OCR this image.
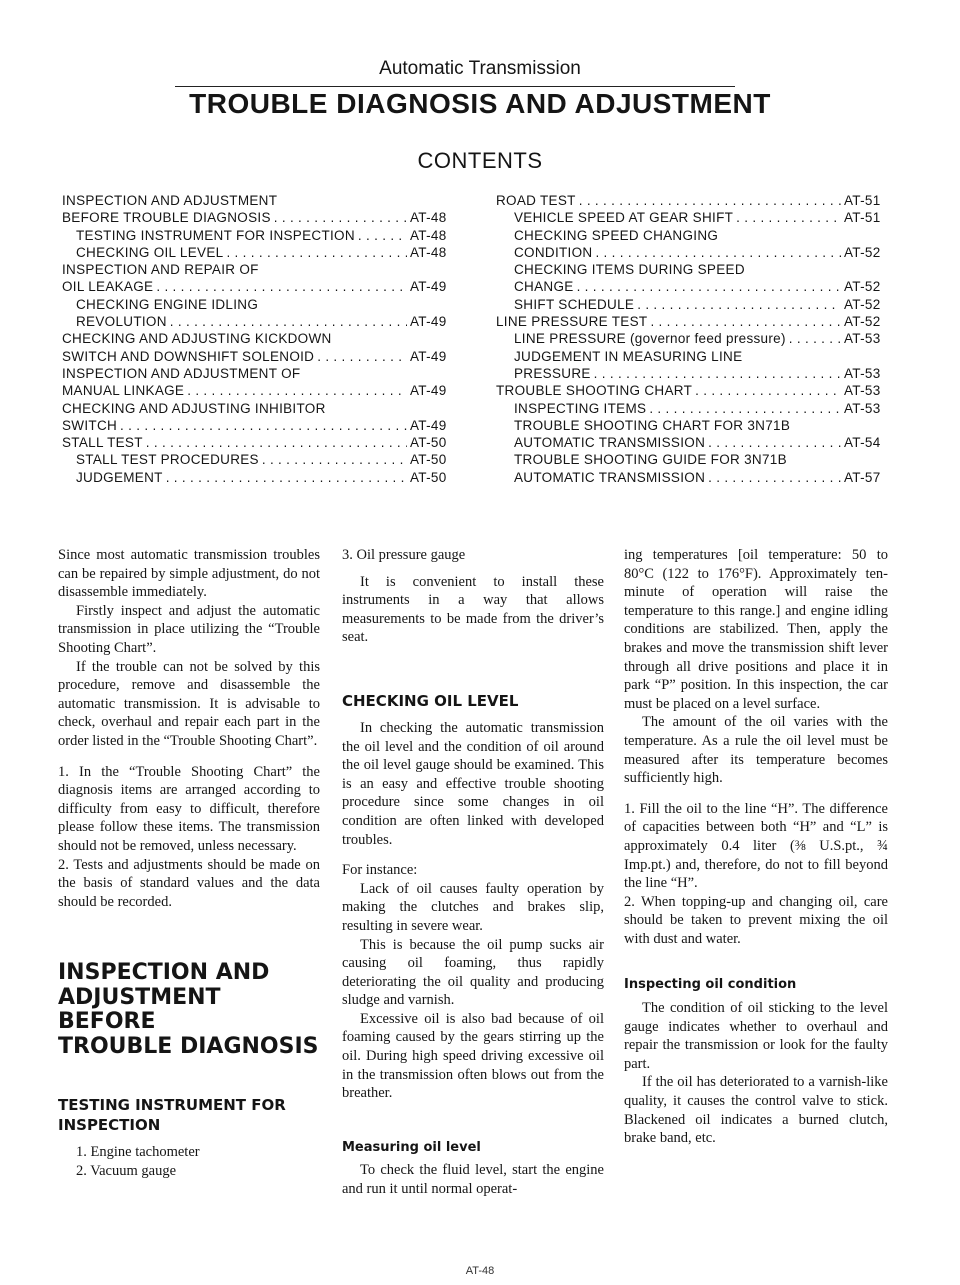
Automatic Transmission
TROUBLE DIAGNOSIS AND ADJUSTMENT
CONTENTS
INSPECTION AND ADJUSTMENT
BEFORE TROUBLE DIAGNOSIS . . .	AT-48
TESTING INSTRUMENT FOR INSPECTION . . .	AT-48
CHECKING OIL LEVEL . . .	AT-48
INSPECTION AND REPAIR OF
OIL LEAKAGE . . .	AT-49
CHECKING ENGINE IDLING
REVOLUTION . . .	AT-49
CHECKING AND ADJUSTING KICKDOWN
SWITCH AND DOWNSHIFT SOLENOID . . .	AT-49
INSPECTION AND ADJUSTMENT OF
MANUAL LINKAGE . . .	AT-49
CHECKING AND ADJUSTING INHIBITOR
SWITCH . . .	AT-49
STALL TEST . . .	AT-50
STALL TEST PROCEDURES . . .	AT-50
JUDGEMENT . . .	AT-50
ROAD TEST . . .	AT-51
VEHICLE SPEED AT GEAR SHIFT . . .	AT-51
CHECKING SPEED CHANGING
CONDITION . . .	AT-52
CHECKING ITEMS DURING SPEED
CHANGE . . .	AT-52
SHIFT SCHEDULE . . .	AT-52
LINE PRESSURE TEST . . .	AT-52
LINE PRESSURE (governor feed pressure) . . .	AT-53
JUDGEMENT IN MEASURING LINE
PRESSURE . . .	AT-53
TROUBLE SHOOTING CHART . . .	AT-53
INSPECTING ITEMS . . .	AT-53
TROUBLE SHOOTING CHART FOR 3N71B
AUTOMATIC TRANSMISSION . . .	AT-54
TROUBLE SHOOTING GUIDE FOR 3N71B
AUTOMATIC TRANSMISSION . . .	AT-57

Since most automatic transmission troubles can be repaired by simple adjustment, do not disassemble immediately.

Firstly inspect and adjust the automatic transmission in place utilizing the “Trouble Shooting Chart”.

If the trouble can not be solved by this procedure, remove and disassemble the automatic transmission. It is advisable to check, overhaul and repair each part in the order listed in the “Trouble Shooting Chart”.

1. In the “Trouble Shooting Chart” the diagnosis items are arranged according to difficulty from easy to difficult, therefore please follow these items. The transmission should not be removed, unless necessary.

2. Tests and adjustments should be made on the basis of standard values and the data should be recorded.

INSPECTION AND
ADJUSTMENT
BEFORE
TROUBLE DIAGNOSIS
TESTING INSTRUMENT FOR
INSPECTION

1. Engine tachometer

2. Vacuum gauge

3. Oil pressure gauge

It is convenient to install these instruments in a way that allows measurements to be made from the driver’s seat.

CHECKING OIL LEVEL

In checking the automatic transmission the oil level and the condition of oil around the oil level gauge should be examined. This is an easy and effective trouble shooting procedure since some changes in oil condition are often linked with developed troubles.

For instance:

Lack of oil causes faulty operation by making the clutches and brakes slip, resulting in severe wear.

This is because the oil pump sucks air causing oil foaming, thus rapidly deteriorating the oil quality and producing sludge and varnish.

Excessive oil is also bad because of oil foaming caused by the gears stirring up the oil. During high speed driving excessive oil in the transmission often blows out from the breather.

Measuring oil level

To check the fluid level, start the engine and run it until normal operat-

ing temperatures [oil temperature: 50 to 80°C (122 to 176°F). Approximately ten-minute of operation will raise the temperature to this range.] and engine idling conditions are stabilized. Then, apply the brakes and move the transmission shift lever through all drive positions and place it in park “P” position. In this inspection, the car must be placed on a level surface.

The amount of the oil varies with the temperature. As a rule the oil level must be measured after its temperature becomes sufficiently high.

1. Fill the oil to the line “H”. The difference of capacities between both “H” and “L” is approximately 0.4 liter (⅜ U.S.pt., ¾ Imp.pt.) and, therefore, do not to fill beyond the line “H”.

2. When topping-up and changing oil, care should be taken to prevent mixing the oil with dust and water.

Inspecting oil condition

The condition of oil sticking to the level gauge indicates whether to overhaul and repair the transmission or look for the faulty part.

If the oil has deteriorated to a varnish-like quality, it causes the control valve to stick. Blackened oil indicates a burned clutch, brake band, etc.

AT-48
